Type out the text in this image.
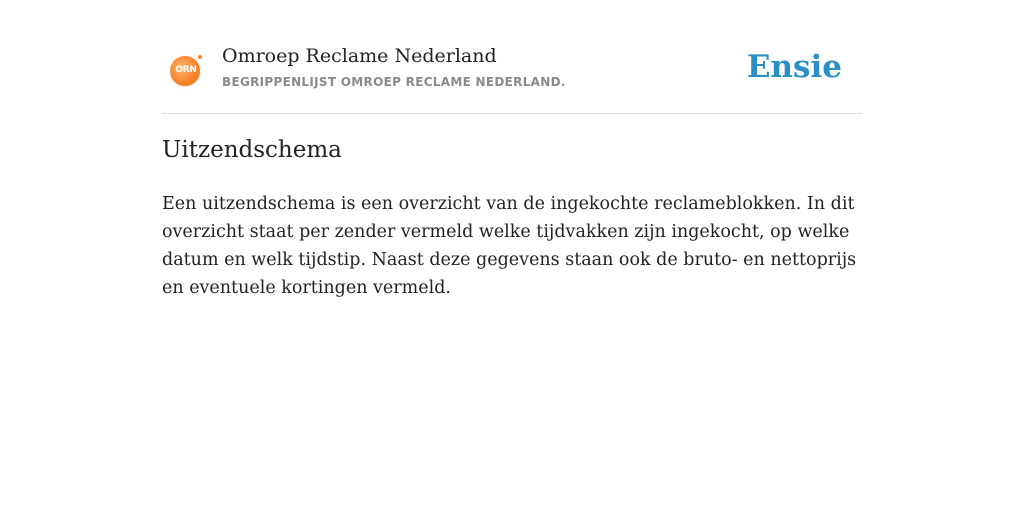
ORN
Omroep Reclame Nederland
BEGRIPPENLIJST OMROEP RECLAME NEDERLAND.	Ensie
Uitzendschema

Een uitzendschema is een overzicht van de ingekochte reclameblokken. In dit overzicht staat per zender vermeld welke tijdvakken zijn ingekocht, op welke datum en welk tijdstip. Naast deze gegevens staan ook de bruto- en nettoprijs en eventuele kortingen vermeld.
